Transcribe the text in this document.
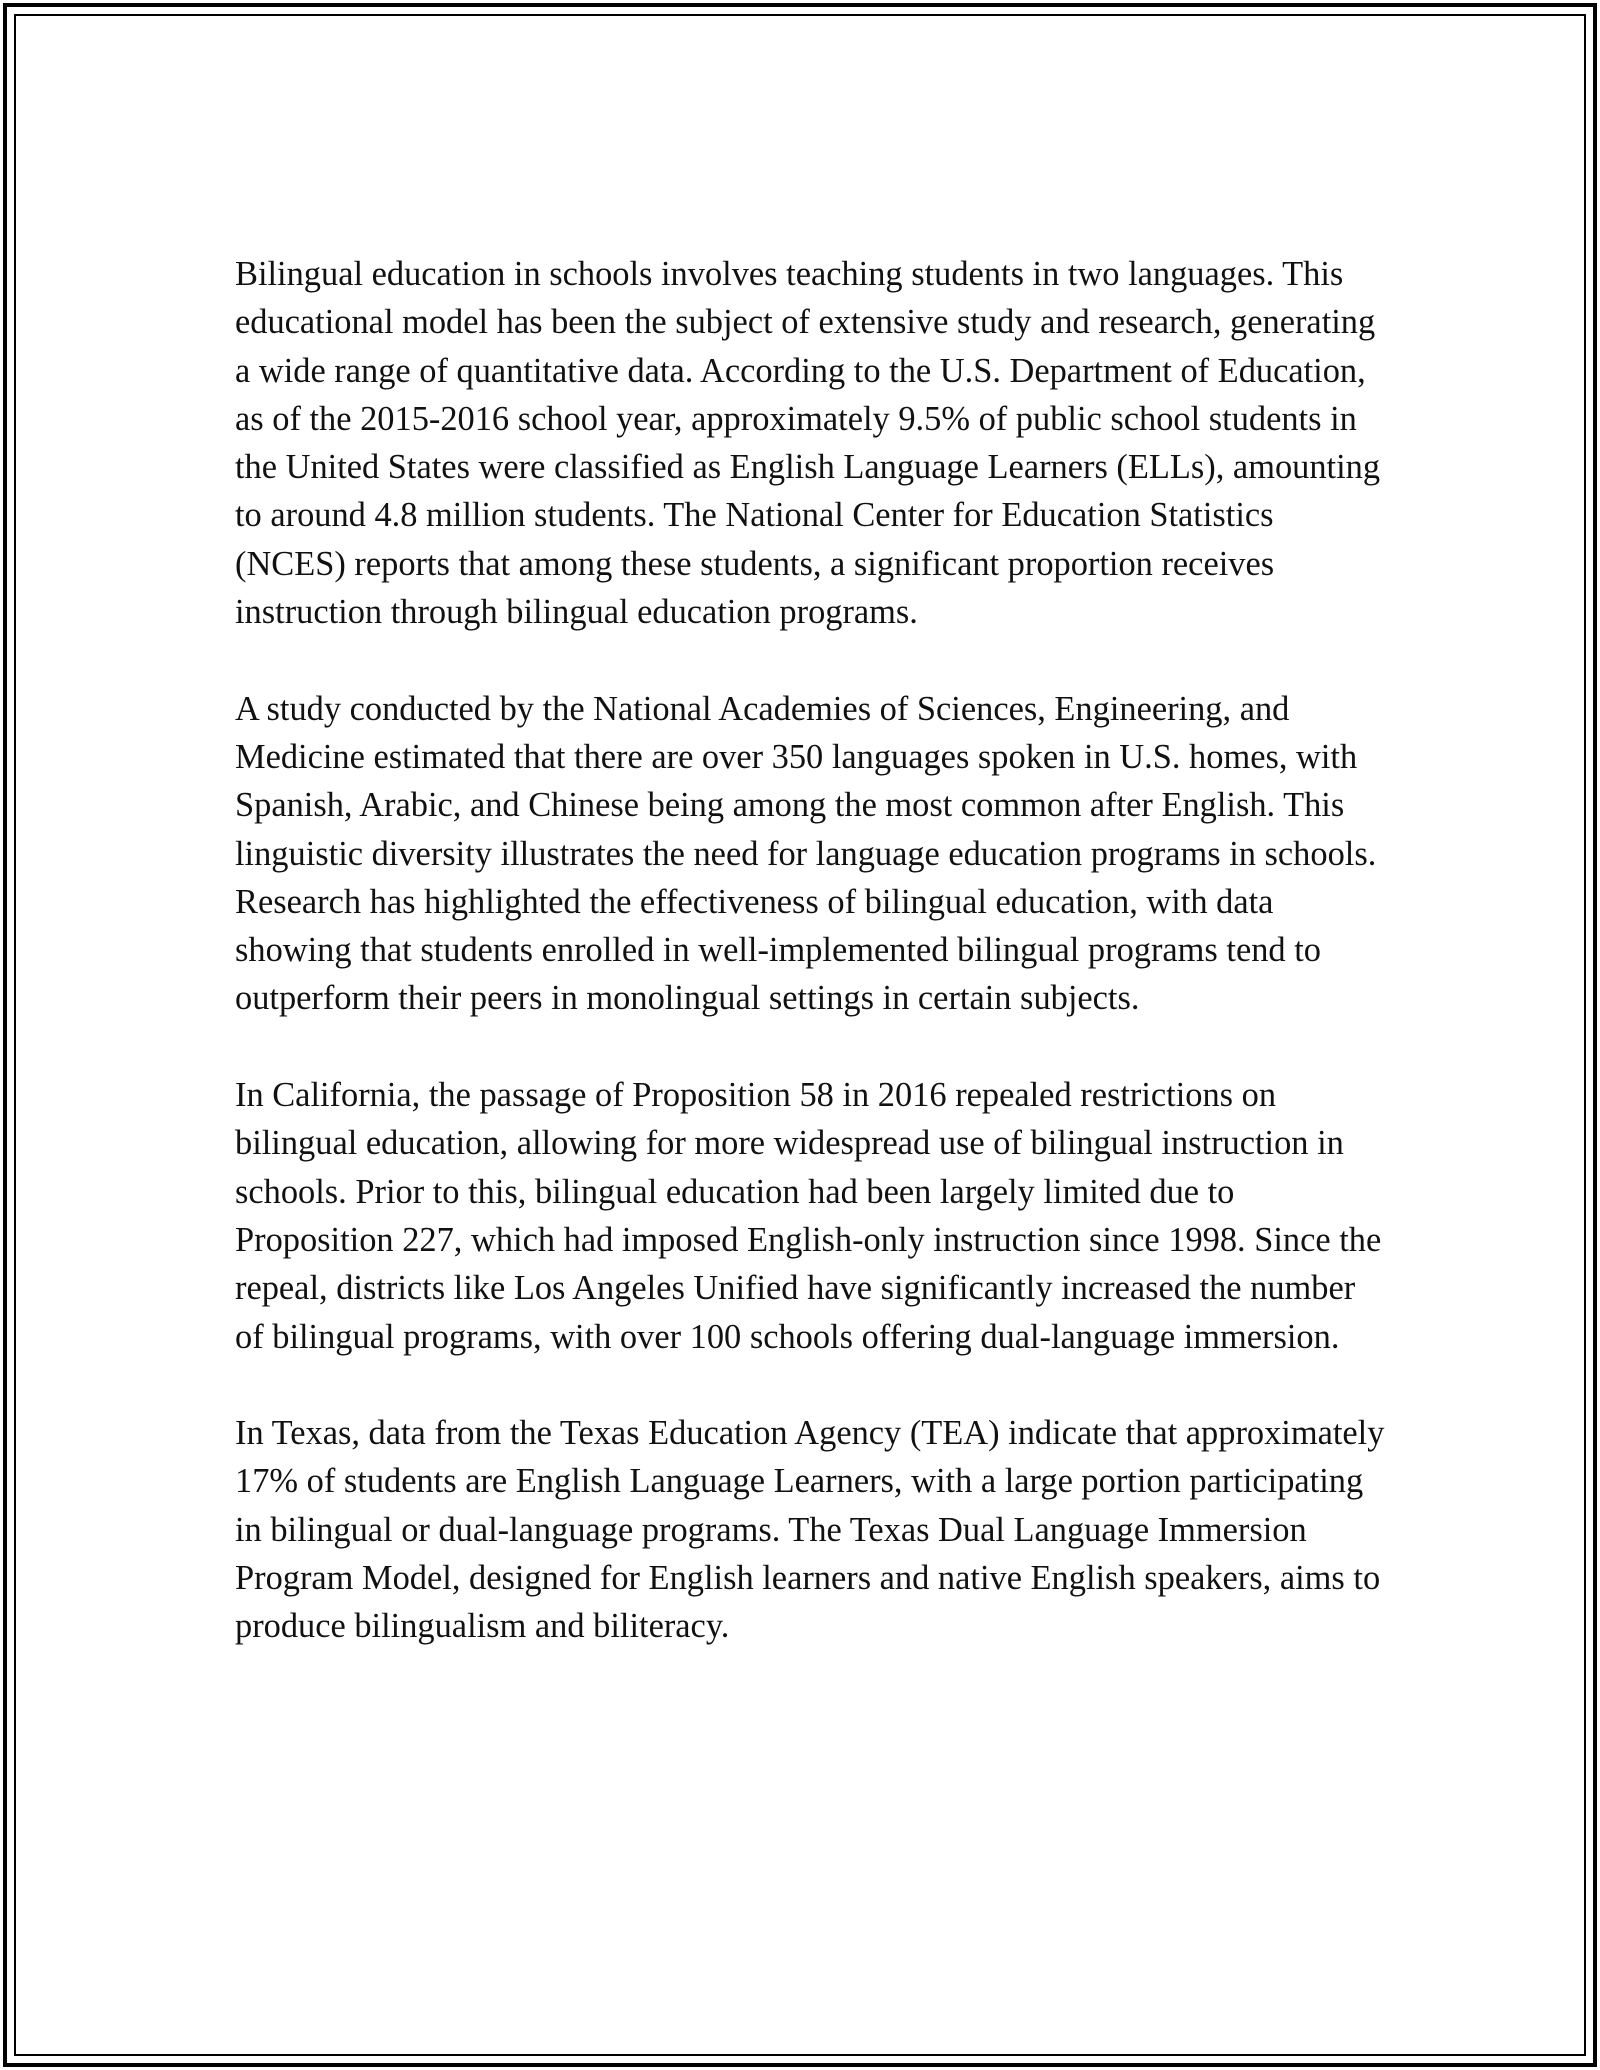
Bilingual education in schools involves teaching students in two languages. This educational model has been the subject of extensive study and research, generating a wide range of quantitative data. According to the U.S. Department of Education, as of the 2015-2016 school year, approximately 9.5% of public school students in the United States were classified as English Language Learners (ELLs), amounting to around 4.8 million students. The National Center for Education Statistics (NCES) reports that among these students, a significant proportion receives instruction through bilingual education programs.

A study conducted by the National Academies of Sciences, Engineering, and Medicine estimated that there are over 350 languages spoken in U.S. homes, with Spanish, Arabic, and Chinese being among the most common after English. This linguistic diversity illustrates the need for language education programs in schools. Research has highlighted the effectiveness of bilingual education, with data showing that students enrolled in well-implemented bilingual programs tend to outperform their peers in monolingual settings in certain subjects.

In California, the passage of Proposition 58 in 2016 repealed restrictions on bilingual education, allowing for more widespread use of bilingual instruction in schools. Prior to this, bilingual education had been largely limited due to Proposition 227, which had imposed English-only instruction since 1998. Since the repeal, districts like Los Angeles Unified have significantly increased the number of bilingual programs, with over 100 schools offering dual-language immersion.

In Texas, data from the Texas Education Agency (TEA) indicate that approximately 17% of students are English Language Learners, with a large portion participating in bilingual or dual-language programs. The Texas Dual Language Immersion Program Model, designed for English learners and native English speakers, aims to produce bilingualism and biliteracy.
